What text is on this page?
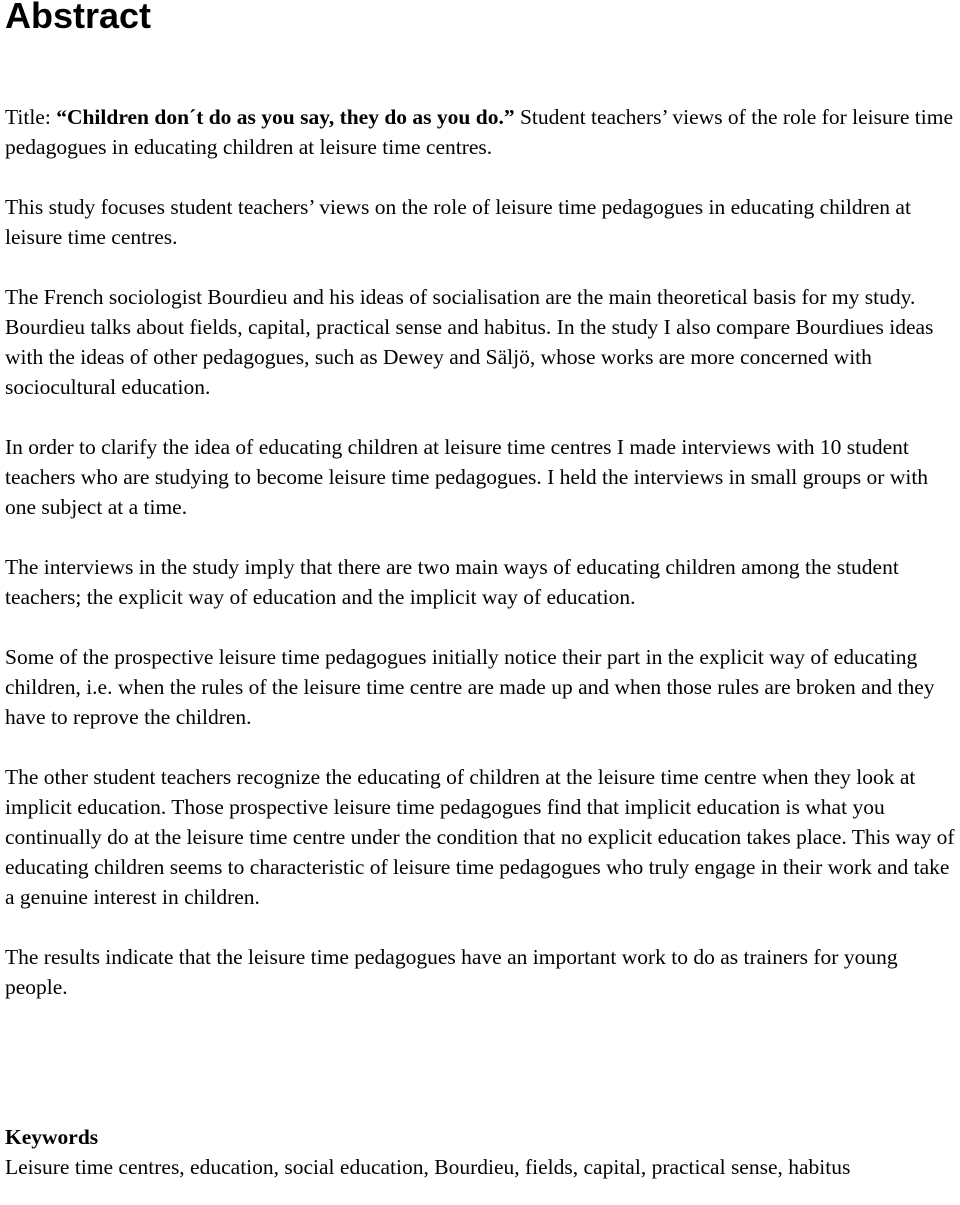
Abstract

Title: “Children don´t do as you say, they do as you do.” Student teachers’ views of the role for leisure time pedagogues in educating children at leisure time centres.

This study focuses student teachers’ views on the role of leisure time pedagogues in educating children at leisure time centres.

The French sociologist Bourdieu and his ideas of socialisation are the main theoretical basis for my study. Bourdieu talks about fields, capital, practical sense and habitus. In the study I also compare Bourdiues ideas with the ideas of other pedagogues, such as Dewey and Säljö, whose works are more concerned with sociocultural education.

In order to clarify the idea of educating children at leisure time centres I made interviews with 10 student teachers who are studying to become leisure time pedagogues. I held the interviews in small groups or with one subject at a time.

The interviews in the study imply that there are two main ways of educating children among the student teachers; the explicit way of education and the implicit way of education.

Some of the prospective leisure time pedagogues initially notice their part in the explicit way of educating children, i.e. when the rules of the leisure time centre are made up and when those rules are broken and they have to reprove the children.

The other student teachers recognize the educating of children at the leisure time centre when they look at implicit education. Those prospective leisure time pedagogues find that implicit education is what you continually do at the leisure time centre under the condition that no explicit education takes place. This way of educating children seems to characteristic of leisure time pedagogues who truly engage in their work and take a genuine interest in children.

The results indicate that the leisure time pedagogues have an important work to do as trainers for young people.

Keywords
Leisure time centres, education, social education, Bourdieu, fields, capital, practical sense, habitus
